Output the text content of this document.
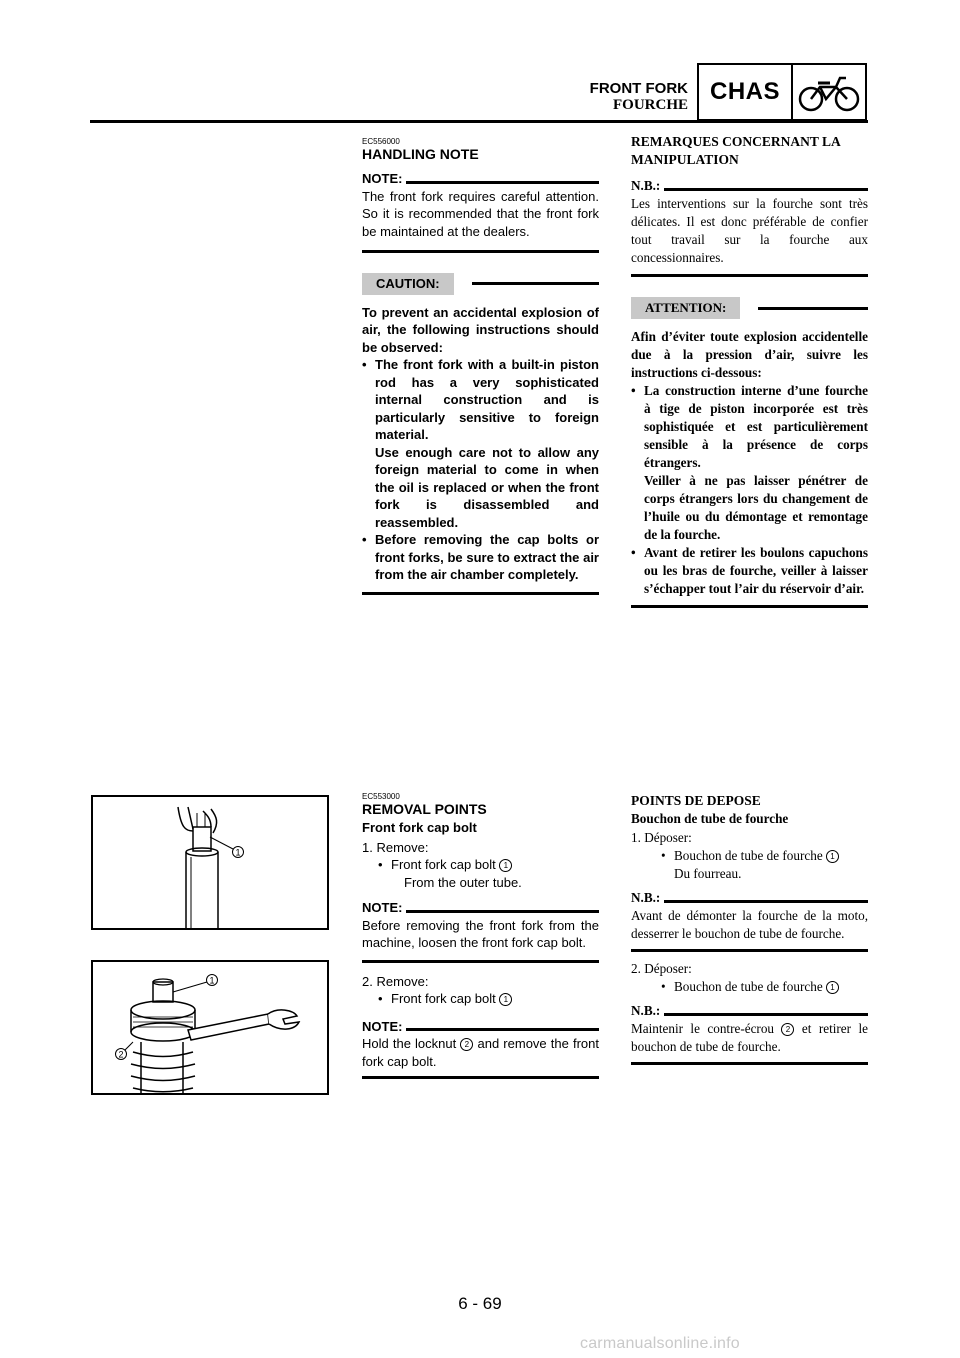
FRONT FORK
FOURCHE CHAS
EC556000
HANDLING NOTE
NOTE:
The front fork requires careful attention. So it is recommended that the front fork be maintained at the dealers.
CAUTION:
To prevent an accidental explosion of air, the following instructions should be observed:
• The front fork with a built-in piston rod has a very sophisticated internal construction and is particularly sensitive to foreign material.
Use enough care not to allow any foreign material to come in when the oil is replaced or when the front fork is disassembled and reassembled.
• Before removing the cap bolts or front forks, be sure to extract the air from the air chamber completely.
REMARQUES CONCERNANT LA MANIPULATION
N.B.:
Les interventions sur la fourche sont très délicates. Il est donc préférable de confier tout travail sur la fourche aux concessionnaires.
ATTENTION:
Afin d’éviter toute explosion accidentelle due à la pression d’air, suivre les instructions ci-dessous:
• La construction interne d’une fourche à tige de piston incorporée est très sophistiquée et est particulièrement sensible à la présence de corps étrangers.
Veiller à ne pas laisser pénétrer de corps étrangers lors du changement de l’huile ou du démontage et remontage de la fourche.
• Avant de retirer les boulons capuchons ou les bras de fourche, veiller à laisser s’échapper tout l’air du réservoir d’air.
1
1
2
EC553000
REMOVAL POINTS
Front fork cap bolt
1. Remove:
• Front fork cap bolt 1
From the outer tube.
NOTE:
Before removing the front fork from the machine, loosen the front fork cap bolt.
2. Remove:
• Front fork cap bolt 1
NOTE:
Hold the locknut 2 and remove the front fork cap bolt.
POINTS DE DEPOSE
Bouchon de tube de fourche
1. Déposer:
• Bouchon de tube de fourche 1
Du fourreau.
N.B.:
Avant de démonter la fourche de la moto, desserrer le bouchon de tube de fourche.
2. Déposer:
• Bouchon de tube de fourche 1
N.B.:
Maintenir le contre-écrou 2 et retirer le bouchon de tube de fourche.
6 - 69
carmanualsonline.info
